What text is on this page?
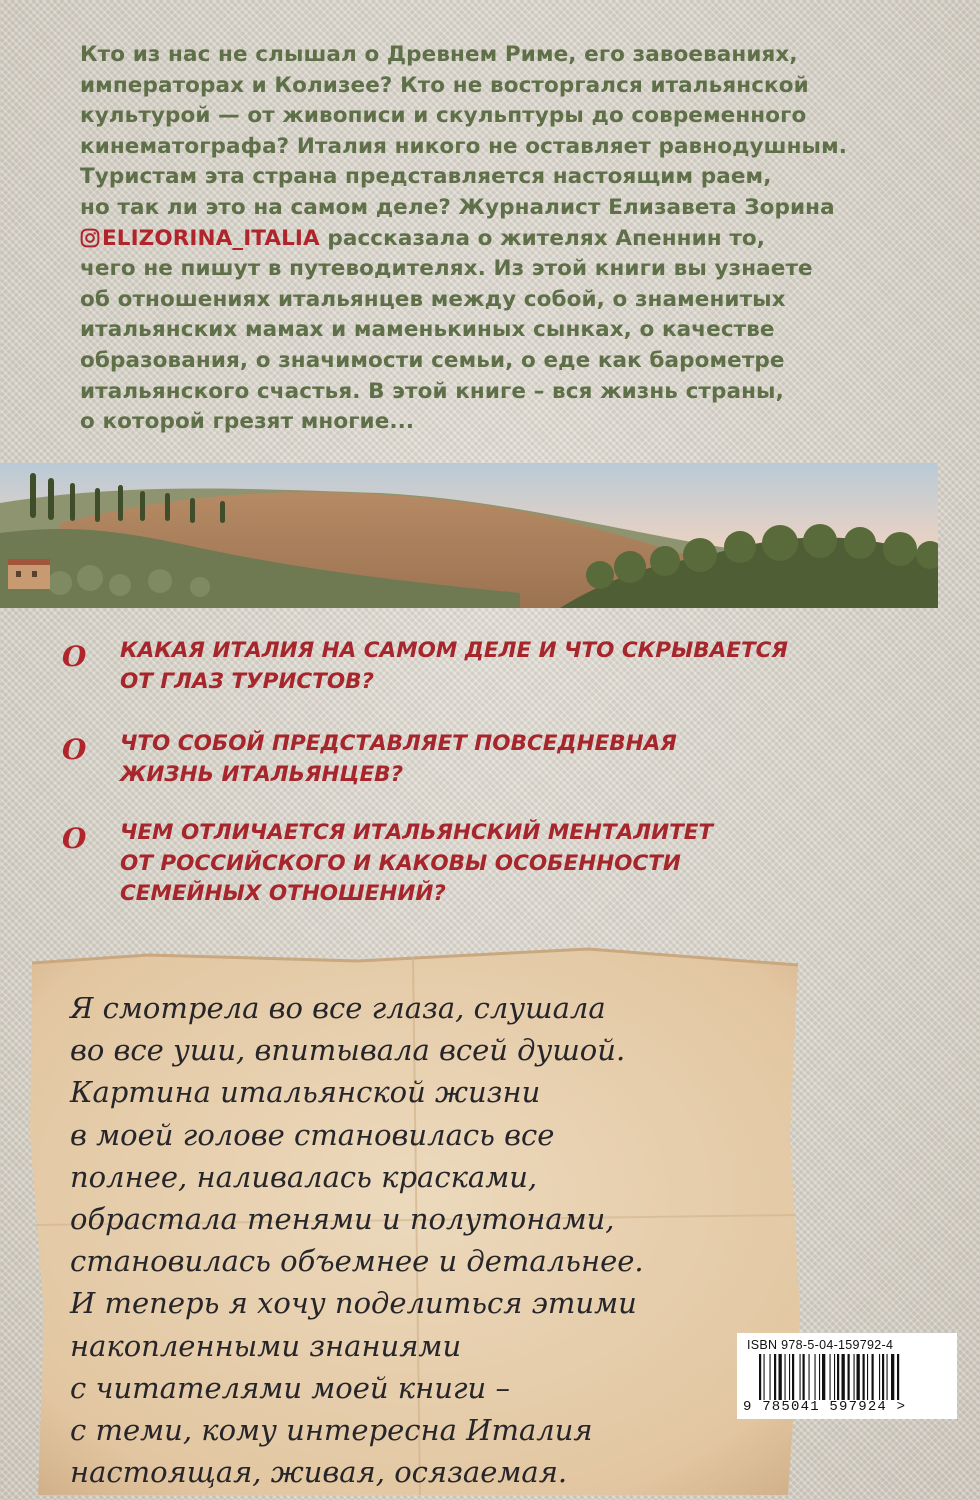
Кто из нас не слышал о Древнем Риме, его завоеваниях,
императорах и Колизее? Кто не восторгался итальянской
культурой — от живописи и скульптуры до современного
кинематографа? Италия никого не оставляет равнодушным.
Туристам эта страна представляется настоящим раем,
но так ли это на самом деле? Журналист Елизавета Зорина
ELIZORINA_ITALIA рассказала о жителях Апеннин то,
чего не пишут в путеводителях. Из этой книги вы узнаете
об отношениях итальянцев между собой, о знаменитых
итальянских мамах и маменькиных сынках, о качестве
образования, о значимости семьи, о еде как барометре
итальянского счастья. В этой книге – вся жизнь страны,
о которой грезят многие...
O КАКАЯ ИТАЛИЯ НА САМОМ ДЕЛЕ И ЧТО СКРЫВАЕТСЯ
ОТ ГЛАЗ ТУРИСТОВ?
O ЧТО СОБОЙ ПРЕДСТАВЛЯЕТ ПОВСЕДНЕВНАЯ
ЖИЗНЬ ИТАЛЬЯНЦЕВ?
O ЧЕМ ОТЛИЧАЕТСЯ ИТАЛЬЯНСКИЙ МЕНТАЛИТЕТ
ОТ РОССИЙСКОГО И КАКОВЫ ОСОБЕННОСТИ
СЕМЕЙНЫХ ОТНОШЕНИЙ?
Я смотрела во все глаза, слушала
во все уши, впитывала всей душой.
Картина итальянской жизни
в моей голове становилась все
полнее, наливалась красками,
обрастала тенями и полутонами,
становилась объемнее и детальнее.
И теперь я хочу поделиться этими
накопленными знаниями
с читателями моей книги –
с теми, кому интересна Италия
настоящая, живая, осязаемая.
ISBN 978-5-04-159792-4
9 785041 597924 >
